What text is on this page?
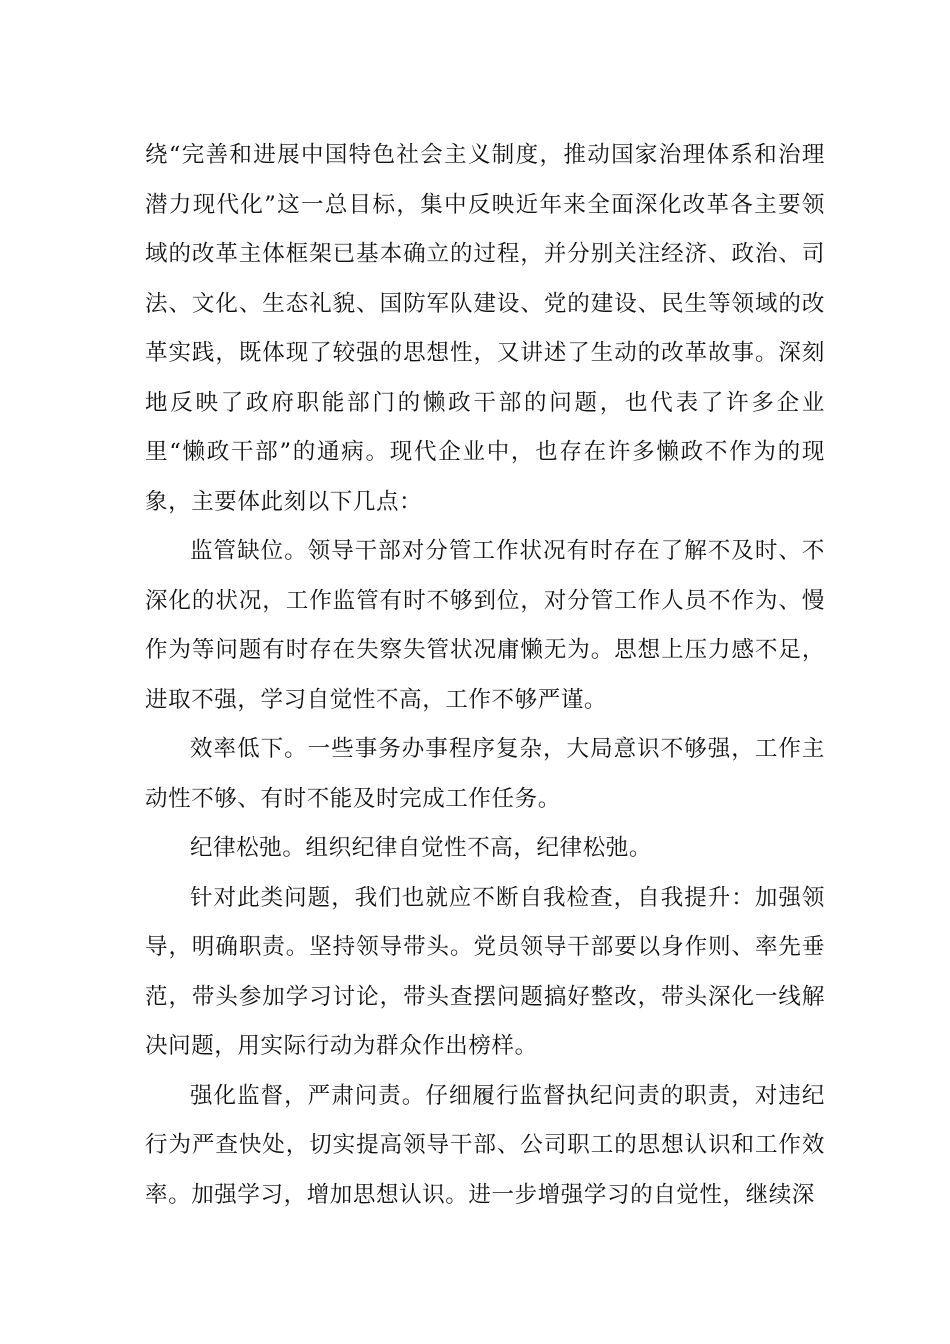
绕“完善和进展中国特色社会主义制度，推动国家治理体系和治理潜力现代化”这一总目标，集中反映近年来全面深化改革各主要领域的改革主体框架已基本确立的过程，并分别关注经济、政治、司法、文化、生态礼貌、国防军队建设、党的建设、民生等领域的改革实践，既体现了较强的思想性，又讲述了生动的改革故事。深刻地反映了政府职能部门的懒政干部的问题，也代表了许多企业里“懒政干部”的通病。现代企业中，也存在许多懒政不作为的现象，主要体此刻以下几点：

监管缺位。领导干部对分管工作状况有时存在了解不及时、不深化的状况，工作监管有时不够到位，对分管工作人员不作为、慢作为等问题有时存在失察失管状况庸懒无为。思想上压力感不足，进取不强，学习自觉性不高，工作不够严谨。

效率低下。一些事务办事程序复杂，大局意识不够强，工作主动性不够、有时不能及时完成工作任务。

纪律松弛。组织纪律自觉性不高，纪律松弛。

针对此类问题，我们也就应不断自我检查，自我提升：加强领导，明确职责。坚持领导带头。党员领导干部要以身作则、率先垂范，带头参加学习讨论，带头查摆问题搞好整改，带头深化一线解决问题，用实际行动为群众作出榜样。

强化监督，严肃问责。仔细履行监督执纪问责的职责，对违纪行为严查快处，切实提高领导干部、公司职工的思想认识和工作效率。加强学习，增加思想认识。进一步增强学习的自觉性，继续深
